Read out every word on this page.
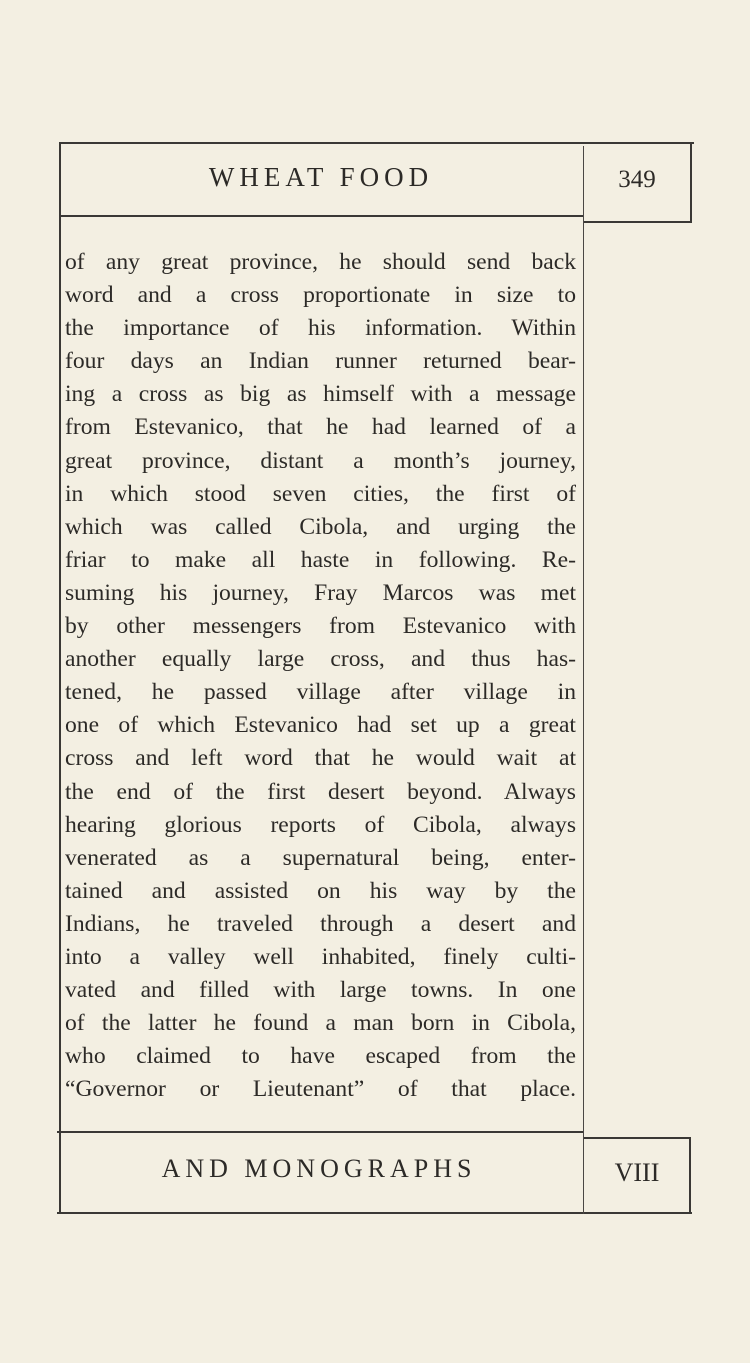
WHEAT FOOD	349
of any great province, he should send back
word and a cross proportionate in size to
the importance of his information. Within
four days an Indian runner returned bear-
ing a cross as big as himself with a message
from Estevanico, that he had learned of a
great province, distant a month’s journey,
in which stood seven cities, the first of
which was called Cibola, and urging the
friar to make all haste in following. Re-
suming his journey, Fray Marcos was met
by other messengers from Estevanico with
another equally large cross, and thus has-
tened, he passed village after village in
one of which Estevanico had set up a great
cross and left word that he would wait at
the end of the first desert beyond. Always
hearing glorious reports of Cibola, always
venerated as a supernatural being, enter-
tained and assisted on his way by the
Indians, he traveled through a desert and
into a valley well inhabited, finely culti-
vated and filled with large towns. In one
of the latter he found a man born in Cibola,
who claimed to have escaped from the
“Governor or Lieutenant” of that place.
AND MONOGRAPHS	VIII
